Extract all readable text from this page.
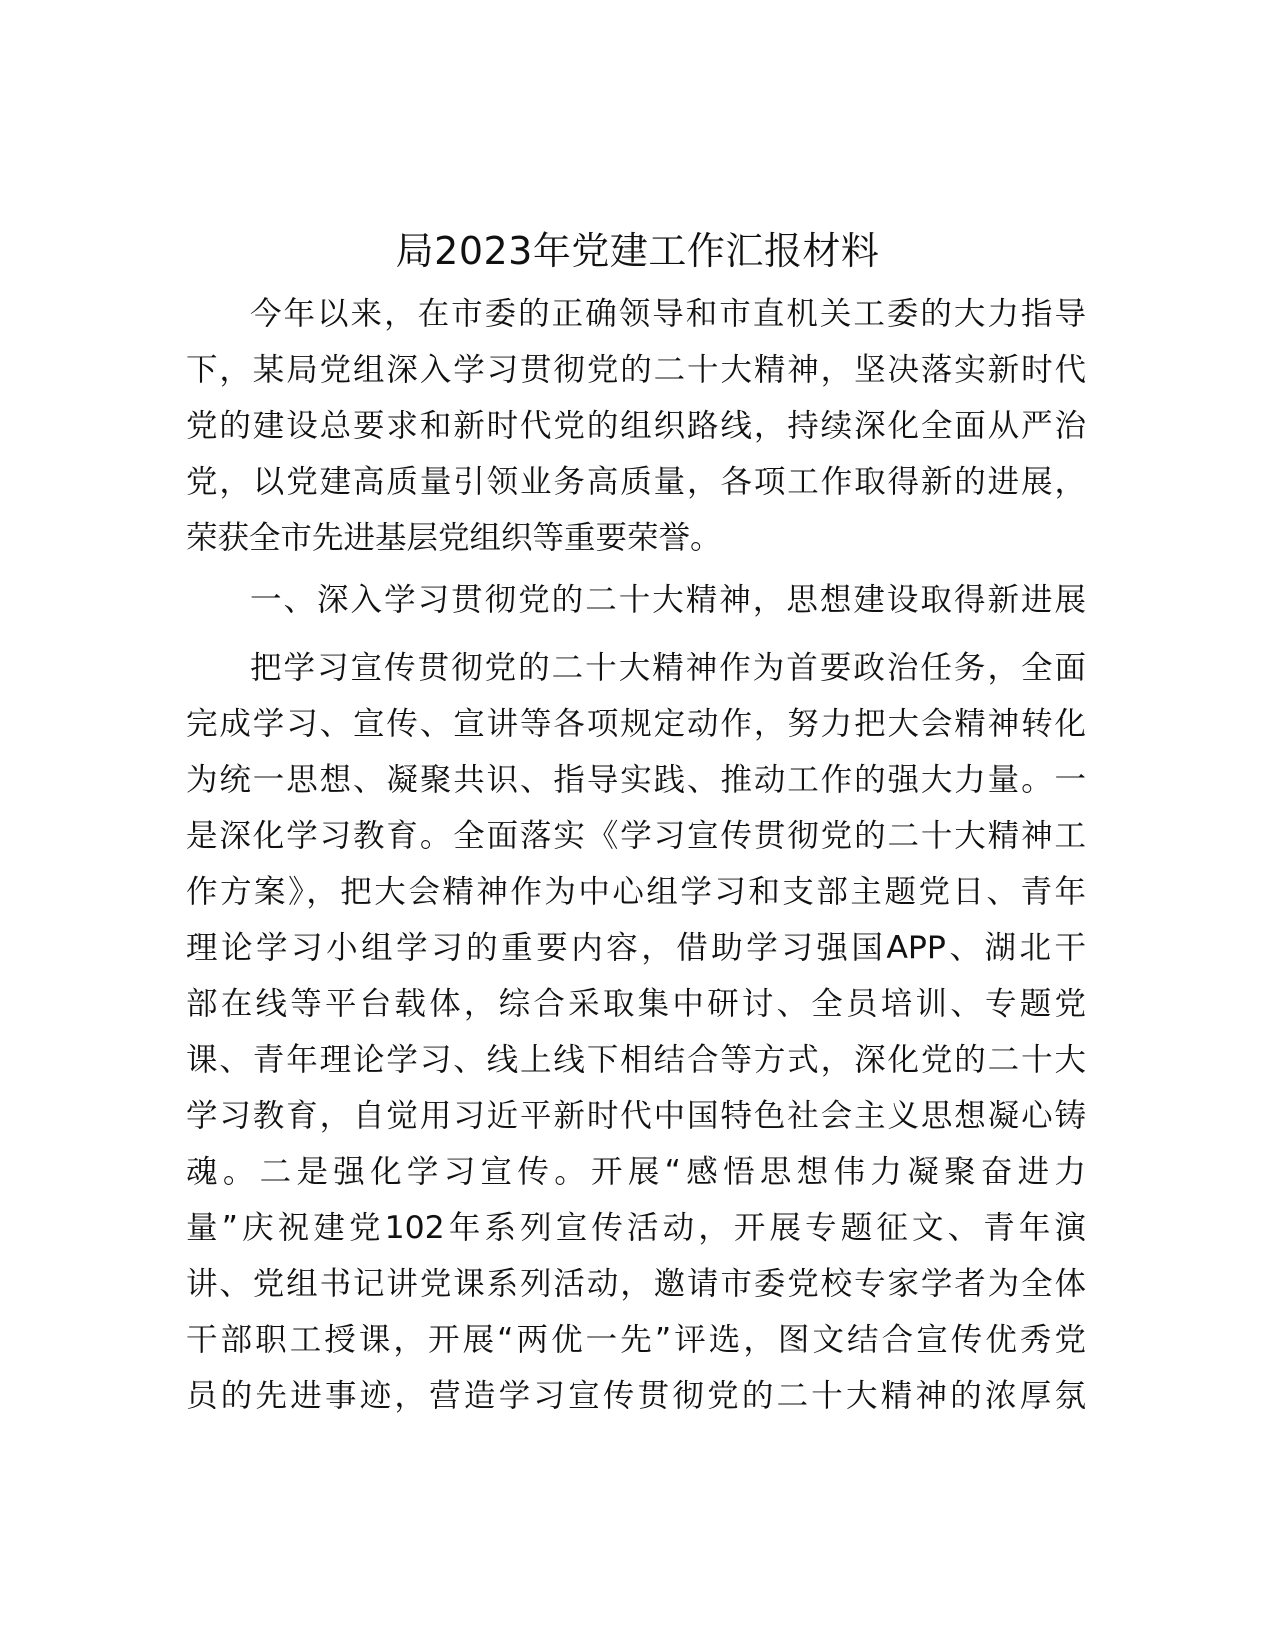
局2023年党建工作汇报材料

今年以来，在市委的正确领导和市直机关工委的大力指导

下，某局党组深入学习贯彻党的二十大精神，坚决落实新时代

党的建设总要求和新时代党的组织路线，持续深化全面从严治

党，以党建高质量引领业务高质量，各项工作取得新的进展，

荣获全市先进基层党组织等重要荣誉。

一、深入学习贯彻党的二十大精神，思想建设取得新进展

把学习宣传贯彻党的二十大精神作为首要政治任务，全面

完成学习、宣传、宣讲等各项规定动作，努力把大会精神转化

为统一思想、凝聚共识、指导实践、推动工作的强大力量。一

是深化学习教育。全面落实《学习宣传贯彻党的二十大精神工

作方案》，把大会精神作为中心组学习和支部主题党日、青年

理论学习小组学习的重要内容，借助学习强国APP、湖北干

部在线等平台载体，综合采取集中研讨、全员培训、专题党

课、青年理论学习、线上线下相结合等方式，深化党的二十大

学习教育，自觉用习近平新时代中国特色社会主义思想凝心铸

魂。二是强化学习宣传。开展“感悟思想伟力凝聚奋进力

量”庆祝建党102年系列宣传活动，开展专题征文、青年演

讲、党组书记讲党课系列活动，邀请市委党校专家学者为全体

干部职工授课，开展“两优一先”评选，图文结合宣传优秀党

员的先进事迹，营造学习宣传贯彻党的二十大精神的浓厚氛
